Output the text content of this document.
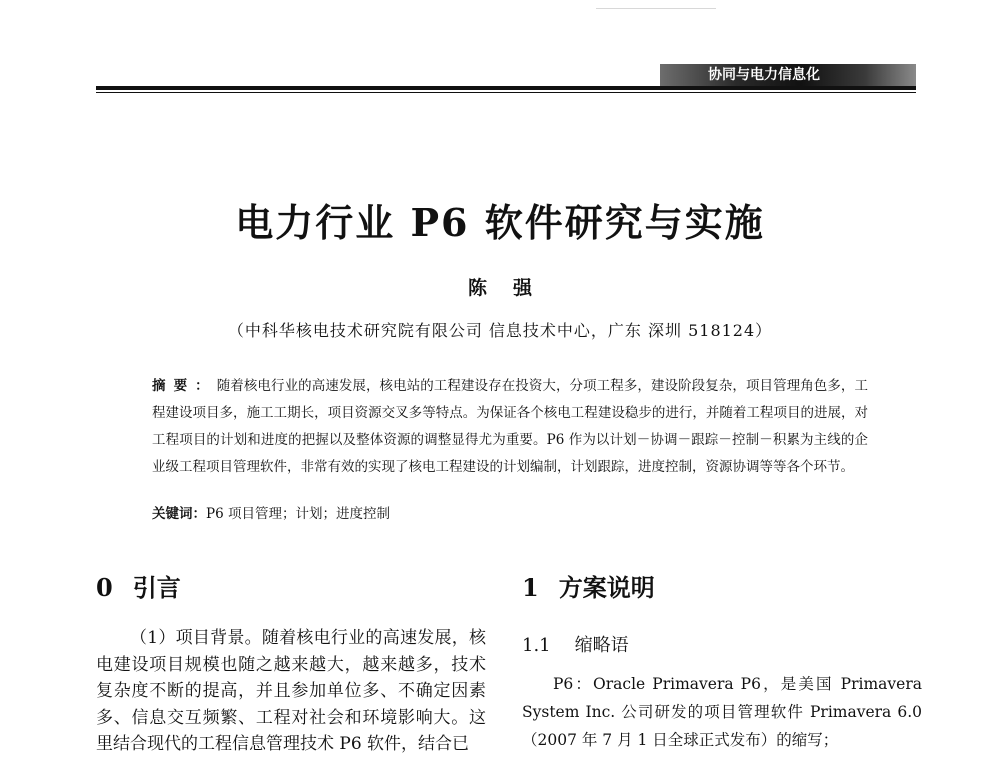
协同与电力信息化
电力行业 P6 软件研究与实施
陈强
（中科华核电技术研究院有限公司 信息技术中心，广东 深圳 518124）
摘要：随着核电行业的高速发展，核电站的工程建设存在投资大，分项工程多，建设阶段复杂，项目管理角色多，工程建设项目多，施工工期长，项目资源交叉多等特点。为保证各个核电工程建设稳步的进行，并随着工程项目的进展，对工程项目的计划和进度的把握以及整体资源的调整显得尤为重要。P6 作为以计划－协调－跟踪－控制－积累为主线的企业级工程项目管理软件，非常有效的实现了核电工程建设的计划编制，计划跟踪，进度控制，资源协调等等各个环节。
关键词：P6 项目管理；计划；进度控制
0 引言
（1）项目背景。随着核电行业的高速发展，核电建设项目规模也随之越来越大，越来越多，技术复杂度不断的提高，并且参加单位多、不确定因素多、信息交互频繁、工程对社会和环境影响大。这里结合现代的工程信息管理技术 P6 软件，结合已
1 方案说明
1.1 缩略语
P6：Oracle Primavera P6，是美国 Primavera System Inc. 公司研发的项目管理软件 Primavera 6.0（2007 年 7 月 1 日全球正式发布）的缩写；
